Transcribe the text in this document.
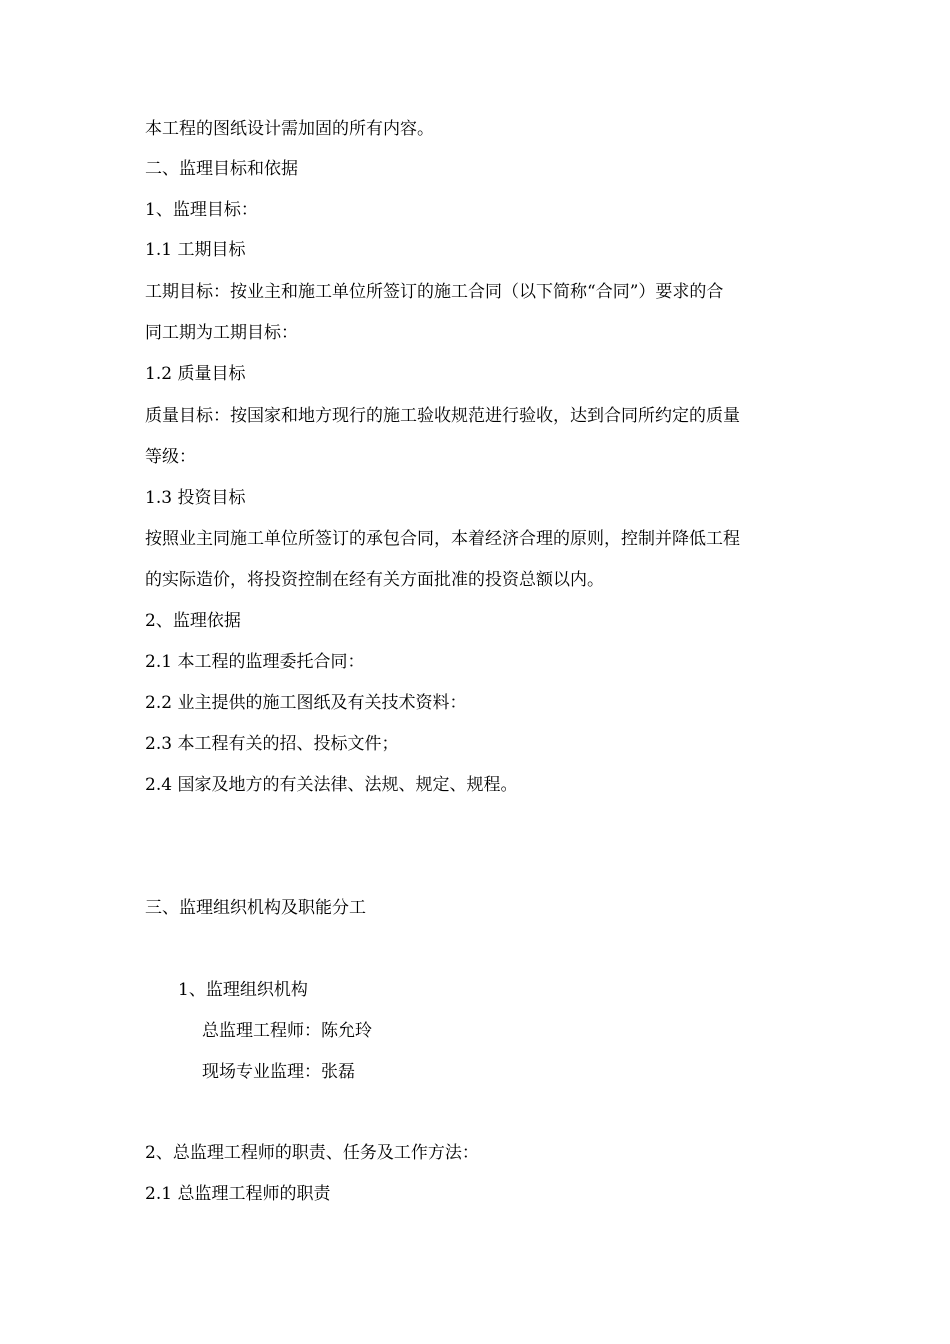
本工程的图纸设计需加固的所有内容。
二、监理目标和依据
1、监理目标：
1.1 工期目标
工期目标：按业主和施工单位所签订的施工合同（以下简称“合同”）要求的合
同工期为工期目标：
1.2 质量目标
质量目标：按国家和地方现行的施工验收规范进行验收，达到合同所约定的质量
等级：
1.3 投资目标
按照业主同施工单位所签订的承包合同，本着经济合理的原则，控制并降低工程
的实际造价，将投资控制在经有关方面批准的投资总额以内。
2、监理依据
2.1 本工程的监理委托合同：
2.2 业主提供的施工图纸及有关技术资料：
2.3 本工程有关的招、投标文件；
2.4 国家及地方的有关法律、法规、规定、规程。
三、监理组织机构及职能分工
1、监理组织机构
总监理工程师：陈允玲
现场专业监理：张磊
2、总监理工程师的职责、任务及工作方法：
2.1 总监理工程师的职责
